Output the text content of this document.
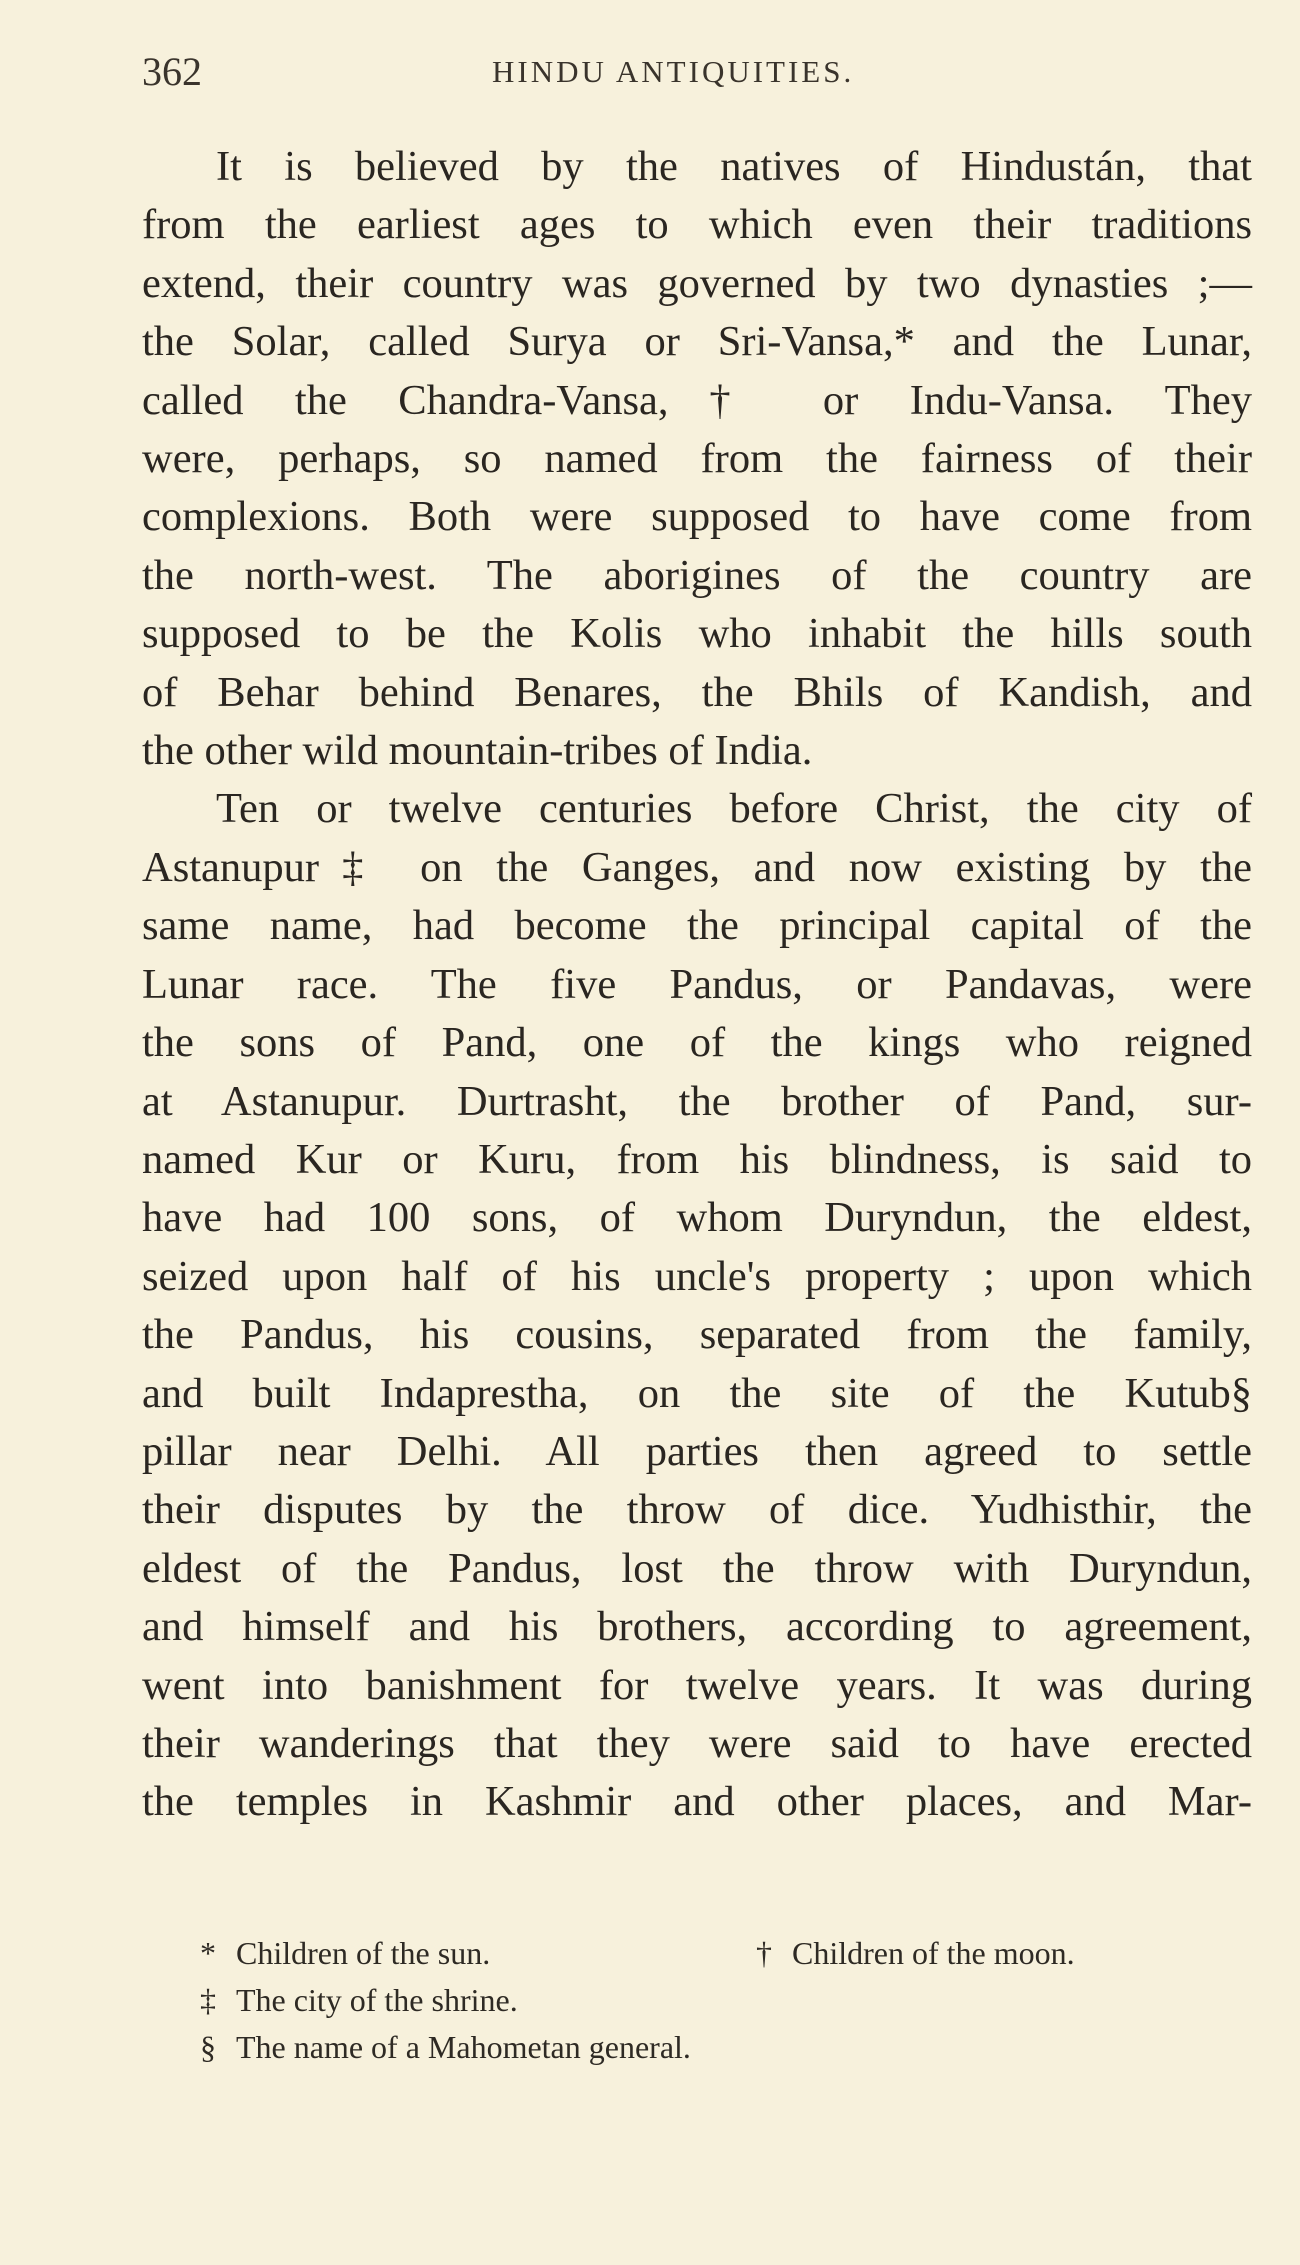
362	HINDU ANTIQUITIES.

It is believed by the natives of Hindustán, that
from the earliest ages to which even their traditions
extend, their country was governed by two dynasties ;—
the Solar, called Surya or Sri-Vansa,* and the Lunar,
called the Chandra-Vansa,† or Indu-Vansa. They
were, perhaps, so named from the fairness of their
complexions. Both were supposed to have come from
the north-west. The aborigines of the country are
supposed to be the Kolis who inhabit the hills south
of Behar behind Benares, the Bhils of Kandish, and
the other wild mountain-tribes of India.

Ten or twelve centuries before Christ, the city of
Astanupur‡ on the Ganges, and now existing by the
same name, had become the principal capital of the
Lunar race. The five Pandus, or Pandavas, were
the sons of Pand, one of the kings who reigned
at Astanupur. Durtrasht, the brother of Pand, sur-
named Kur or Kuru, from his blindness, is said to
have had 100 sons, of whom Duryndun, the eldest,
seized upon half of his uncle's property ; upon which
the Pandus, his cousins, separated from the family,
and built Indaprestha, on the site of the Kutub§
pillar near Delhi. All parties then agreed to settle
their disputes by the throw of dice. Yudhisthir, the
eldest of the Pandus, lost the throw with Duryndun,
and himself and his brothers, according to agreement,
went into banishment for twelve years. It was during
their wanderings that they were said to have erected
the temples in Kashmir and other places, and Mar-

* Children of the sun.	† Children of the moon.
‡ The city of the shrine.
§ The name of a Mahometan general.
